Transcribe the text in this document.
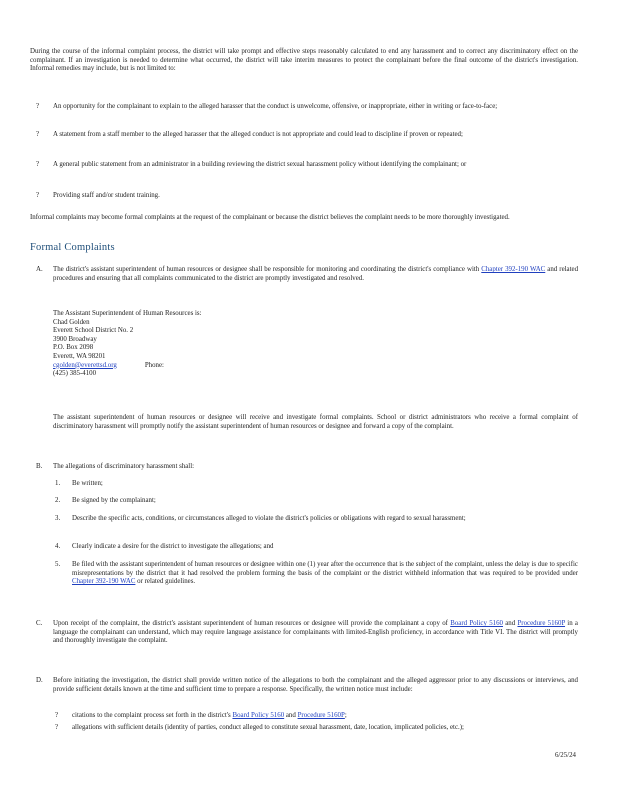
During the course of the informal complaint process, the district will take prompt and effective steps reasonably calculated to end any harassment and to correct any discriminatory effect on the complainant. If an investigation is needed to determine what occurred, the district will take interim measures to protect the complainant before the final outcome of the district's investigation. Informal remedies may include, but is not limited to:

?	An opportunity for the complainant to explain to the alleged harasser that the conduct is unwelcome, offensive, or inappropriate, either in writing or face-to-face;

?	A statement from a staff member to the alleged harasser that the alleged conduct is not appropriate and could lead to discipline if proven or repeated;

?	A general public statement from an administrator in a building reviewing the district sexual harassment policy without identifying the complainant; or

?	Providing staff and/or student training.

Informal complaints may become formal complaints at the request of the complainant or because the district believes the complaint needs to be more thoroughly investigated.

Formal Complaints
A.	The district's assistant superintendent of human resources or designee shall be responsible for monitoring and coordinating the district's compliance with Chapter 392-190 WAC and related procedures and ensuring that all complaints communicated to the district are promptly investigated and resolved.

The Assistant Superintendent of Human Resources is:
Chad Golden
Everett School District No. 2
3900 Broadway
P.O. Box 2098
Everett, WA 98201
cgolden@everettsd.org	Phone:
(425) 385-4100

The assistant superintendent of human resources or designee will receive and investigate formal complaints. School or district administrators who receive a formal complaint of discriminatory harassment will promptly notify the assistant superintendent of human resources or designee and forward a copy of the complaint.

B.	The allegations of discriminatory harassment shall:

1.	Be written;

2.	Be signed by the complainant;

3.	Describe the specific acts, conditions, or circumstances alleged to violate the district's policies or obligations with regard to sexual harassment;

4.	Clearly indicate a desire for the district to investigate the allegations; and

5.	Be filed with the assistant superintendent of human resources or designee within one (1) year after the occurrence that is the subject of the complaint, unless the delay is due to specific misrepresentations by the district that it had resolved the problem forming the basis of the complaint or the district withheld information that was required to be provided under Chapter 392-190 WAC or related guidelines.

C.	Upon receipt of the complaint, the district's assistant superintendent of human resources or designee will provide the complainant a copy of Board Policy 5160 and Procedure 5160P in a language the complainant can understand, which may require language assistance for complainants with limited-English proficiency, in accordance with Title VI. The district will promptly and thoroughly investigate the complaint.

D.	Before initiating the investigation, the district shall provide written notice of the allegations to both the complainant and the alleged aggressor prior to any discussions or interviews, and provide sufficient details known at the time and sufficient time to prepare a response. Specifically, the written notice must include:

?	citations to the complaint process set forth in the district's Board Policy 5160 and Procedure 5160P;

?	allegations with sufficient details (identity of parties, conduct alleged to constitute sexual harassment, date, location, implicated policies, etc.);

6/25/24
